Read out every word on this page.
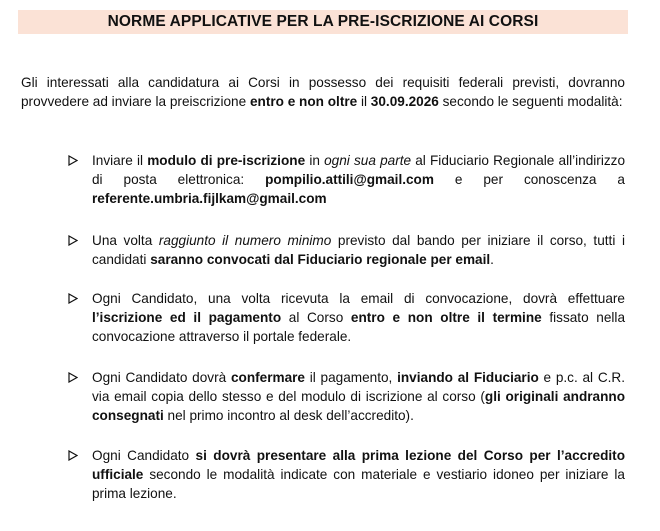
NORME APPLICATIVE PER LA PRE-ISCRIZIONE AI CORSI

Gli interessati alla candidatura ai Corsi in possesso dei requisiti federali previsti, dovranno provvedere ad inviare la preiscrizione entro e non oltre il 30.09.2026 secondo le seguenti modalità:

Inviare il modulo di pre-iscrizione in ogni sua parte al Fiduciario Regionale all’indirizzo di posta elettronica: pompilio.attili@gmail.com e per conoscenza a referente.umbria.fijlkam@gmail.com

Una volta raggiunto il numero minimo previsto dal bando per iniziare il corso, tutti i candidati saranno convocati dal Fiduciario regionale per email.

Ogni Candidato, una volta ricevuta la email di convocazione, dovrà effettuare l’iscrizione ed il pagamento al Corso entro e non oltre il termine fissato nella convocazione attraverso il portale federale.

Ogni Candidato dovrà confermare il pagamento, inviando al Fiduciario e p.c. al C.R. via email copia dello stesso e del modulo di iscrizione al corso (gli originali andranno consegnati nel primo incontro al desk dell’accredito).

Ogni Candidato si dovrà presentare alla prima lezione del Corso per l’accredito ufficiale secondo le modalità indicate con materiale e vestiario idoneo per iniziare la prima lezione.
